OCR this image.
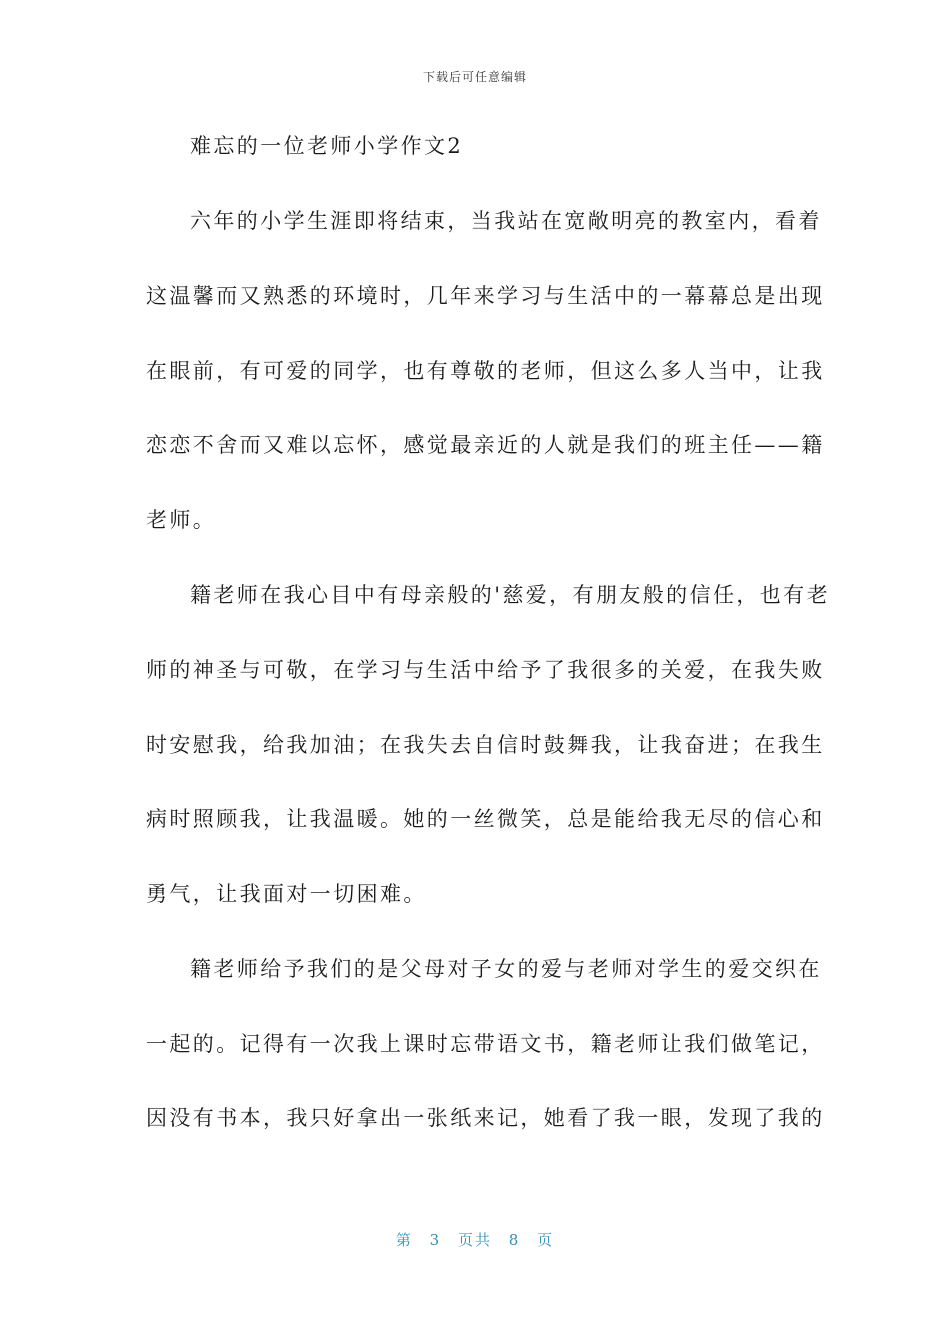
下载后可任意编辑
难忘的一位老师小学作文2
六年的小学生涯即将结束，当我站在宽敞明亮的教室内，看着
这温馨而又熟悉的环境时，几年来学习与生活中的一幕幕总是出现
在眼前，有可爱的同学，也有尊敬的老师，但这么多人当中，让我
恋恋不舍而又难以忘怀，感觉最亲近的人就是我们的班主任——籍
老师。
籍老师在我心目中有母亲般的'慈爱，有朋友般的信任，也有老
师的神圣与可敬，在学习与生活中给予了我很多的关爱，在我失败
时安慰我，给我加油；在我失去自信时鼓舞我，让我奋进；在我生
病时照顾我，让我温暖。她的一丝微笑，总是能给我无尽的信心和
勇气，让我面对一切困难。
籍老师给予我们的是父母对子女的爱与老师对学生的爱交织在
一起的。记得有一次我上课时忘带语文书，籍老师让我们做笔记，
因没有书本，我只好拿出一张纸来记，她看了我一眼，发现了我的
第 3 页共 8 页
